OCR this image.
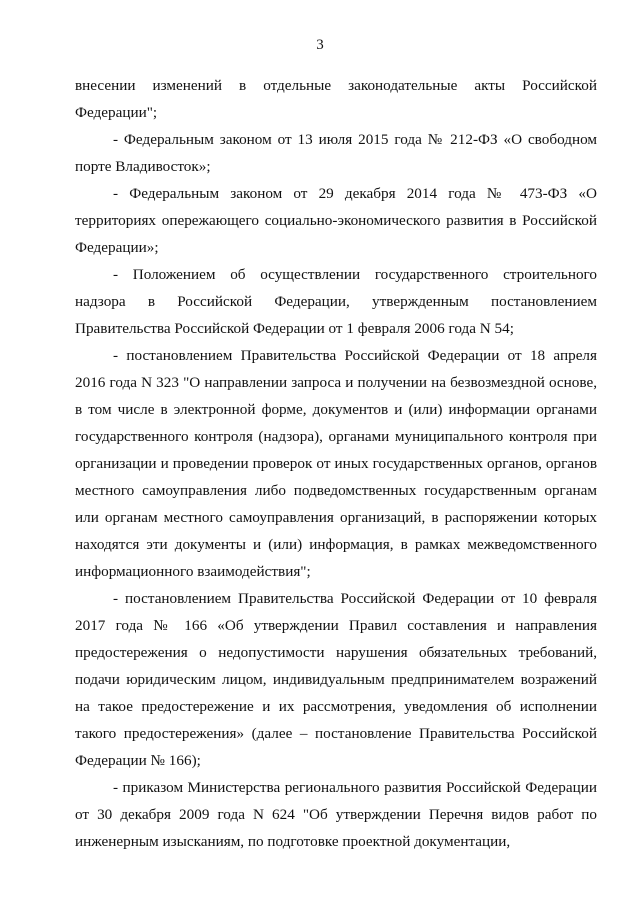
3

внесении изменений в отдельные законодательные акты Российской Федерации";

- Федеральным законом от 13 июля 2015 года № 212-ФЗ «О свободном порте Владивосток»;

- Федеральным законом от 29 декабря 2014 года № 473-ФЗ «О территориях опережающего социально-экономического развития в Российской Федерации»;

- Положением об осуществлении государственного строительного надзора в Российской Федерации, утвержденным постановлением Правительства Российской Федерации от 1 февраля 2006 года N 54;

- постановлением Правительства Российской Федерации от 18 апреля 2016 года N 323 "О направлении запроса и получении на безвозмездной основе, в том числе в электронной форме, документов и (или) информации органами государственного контроля (надзора), органами муниципального контроля при организации и проведении проверок от иных государственных органов, органов местного самоуправления либо подведомственных государственным органам или органам местного самоуправления организаций, в распоряжении которых находятся эти документы и (или) информация, в рамках межведомственного информационного взаимодействия";

- постановлением Правительства Российской Федерации от 10 февраля 2017 года № 166 «Об утверждении Правил составления и направления предостережения о недопустимости нарушения обязательных требований, подачи юридическим лицом, индивидуальным предпринимателем возражений на такое предостережение и их рассмотрения, уведомления об исполнении такого предостережения» (далее – постановление Правительства Российской Федерации № 166);

- приказом Министерства регионального развития Российской Федерации от 30 декабря 2009 года N 624 "Об утверждении Перечня видов работ по инженерным изысканиям, по подготовке проектной документации,
